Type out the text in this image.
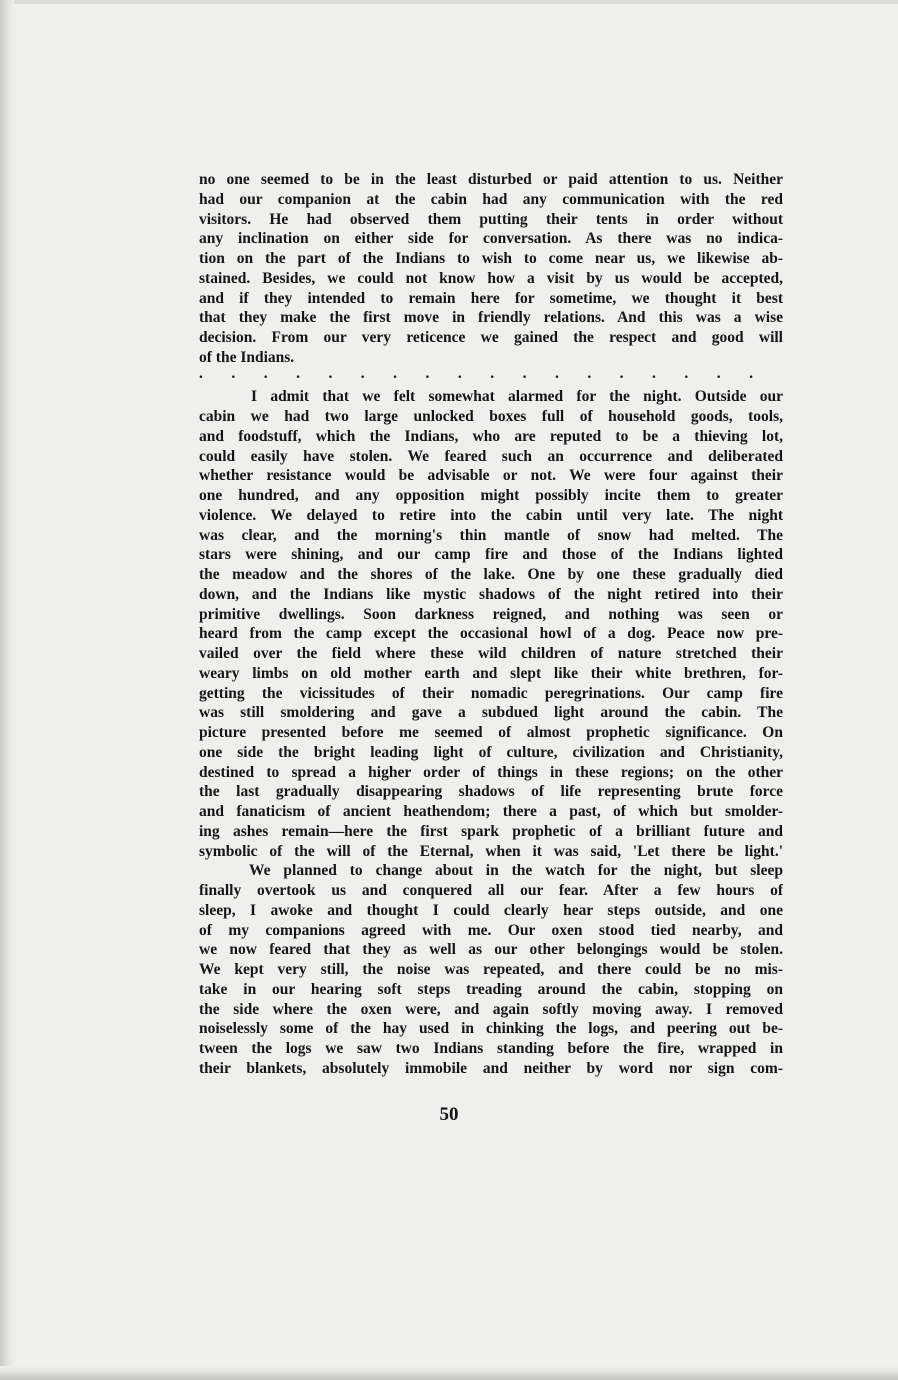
no one seemed to be in the least disturbed or paid attention to us. Neither
had our companion at the cabin had any communication with the red
visitors. He had observed them putting their tents in order without
any inclination on either side for conversation. As there was no indica-
tion on the part of the Indians to wish to come near us, we likewise ab-
stained. Besides, we could not know how a visit by us would be accepted,
and if they intended to remain here for sometime, we thought it best
that they make the first move in friendly relations. And this was a wise
decision. From our very reticence we gained the respect and good will
of the Indians.
. . . . . . . . . . . . . . . . . .
I admit that we felt somewhat alarmed for the night. Outside our
cabin we had two large unlocked boxes full of household goods, tools,
and foodstuff, which the Indians, who are reputed to be a thieving lot,
could easily have stolen. We feared such an occurrence and deliberated
whether resistance would be advisable or not. We were four against their
one hundred, and any opposition might possibly incite them to greater
violence. We delayed to retire into the cabin until very late. The night
was clear, and the morning's thin mantle of snow had melted. The
stars were shining, and our camp fire and those of the Indians lighted
the meadow and the shores of the lake. One by one these gradually died
down, and the Indians like mystic shadows of the night retired into their
primitive dwellings. Soon darkness reigned, and nothing was seen or
heard from the camp except the occasional howl of a dog. Peace now pre-
vailed over the field where these wild children of nature stretched their
weary limbs on old mother earth and slept like their white brethren, for-
getting the vicissitudes of their nomadic peregrinations. Our camp fire
was still smoldering and gave a subdued light around the cabin. The
picture presented before me seemed of almost prophetic significance. On
one side the bright leading light of culture, civilization and Christianity,
destined to spread a higher order of things in these regions; on the other
the last gradually disappearing shadows of life representing brute force
and fanaticism of ancient heathendom; there a past, of which but smolder-
ing ashes remain—here the first spark prophetic of a brilliant future and
symbolic of the will of the Eternal, when it was said, 'Let there be light.'
We planned to change about in the watch for the night, but sleep
finally overtook us and conquered all our fear. After a few hours of
sleep, I awoke and thought I could clearly hear steps outside, and one
of my companions agreed with me. Our oxen stood tied nearby, and
we now feared that they as well as our other belongings would be stolen.
We kept very still, the noise was repeated, and there could be no mis-
take in our hearing soft steps treading around the cabin, stopping on
the side where the oxen were, and again softly moving away. I removed
noiselessly some of the hay used in chinking the logs, and peering out be-
tween the logs we saw two Indians standing before the fire, wrapped in
their blankets, absolutely immobile and neither by word nor sign com-
50
